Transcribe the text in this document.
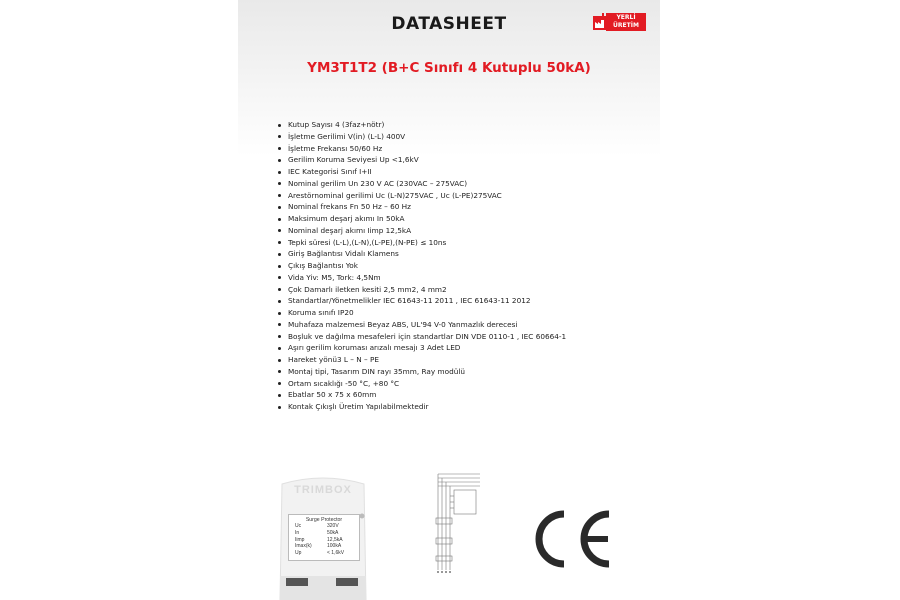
DATASHEET	YERLİ
ÜRETİM
YM3T1T2 (B+C Sınıfı 4 Kutuplu 50kA)
Kutup Sayısı 4 (3faz+nötr)
İşletme Gerilimi V(in) (L-L) 400V
İşletme Frekansı 50/60 Hz
Gerilim Koruma Seviyesi Up <1,6kV
IEC Kategorisi Sınıf I+II
Nominal gerilim Un 230 V AC (230VAC – 275VAC)
Arestörnominal gerilimi Uc (L-N)275VAC , Uc (L-PE)275VAC
Nominal frekans Fn 50 Hz – 60 Hz
Maksimum deşarj akımı In 50kA
Nominal deşarj akımı Iimp 12,5kA
Tepki süresi (L-L),(L-N),(L-PE),(N-PE) ≤ 10ns
Giriş Bağlantısı Vidalı Klamens
Çıkış Bağlantısı Yok
Vida Yiv: M5, Tork: 4,5Nm
Çok Damarlı iletken kesiti 2,5 mm2, 4 mm2
Standartlar/Yönetmelikler IEC 61643-11 2011 , IEC 61643-11 2012
Koruma sınıfı IP20
Muhafaza malzemesi Beyaz ABS, UL'94 V-0 Yanmazlık derecesi
Boşluk ve dağılma mesafeleri için standartlar DIN VDE 0110-1 , IEC 60664-1
Aşırı gerilim koruması arızalı mesajı 3 Adet LED
Hareket yönü3 L – N – PE
Montaj tipi, Tasarım DIN rayı 35mm, Ray modülü
Ortam sıcaklığı -50 °C, +80 °C
Ebatlar 50 x 75 x 60mm
Kontak Çıkışlı Üretim Yapılabilmektedir
TRIMBOX
Surge Protector
Uc	320V
In	50kA
Iimp	12,5kA
Imax(k)	100kA
Up	< 1,6kV
